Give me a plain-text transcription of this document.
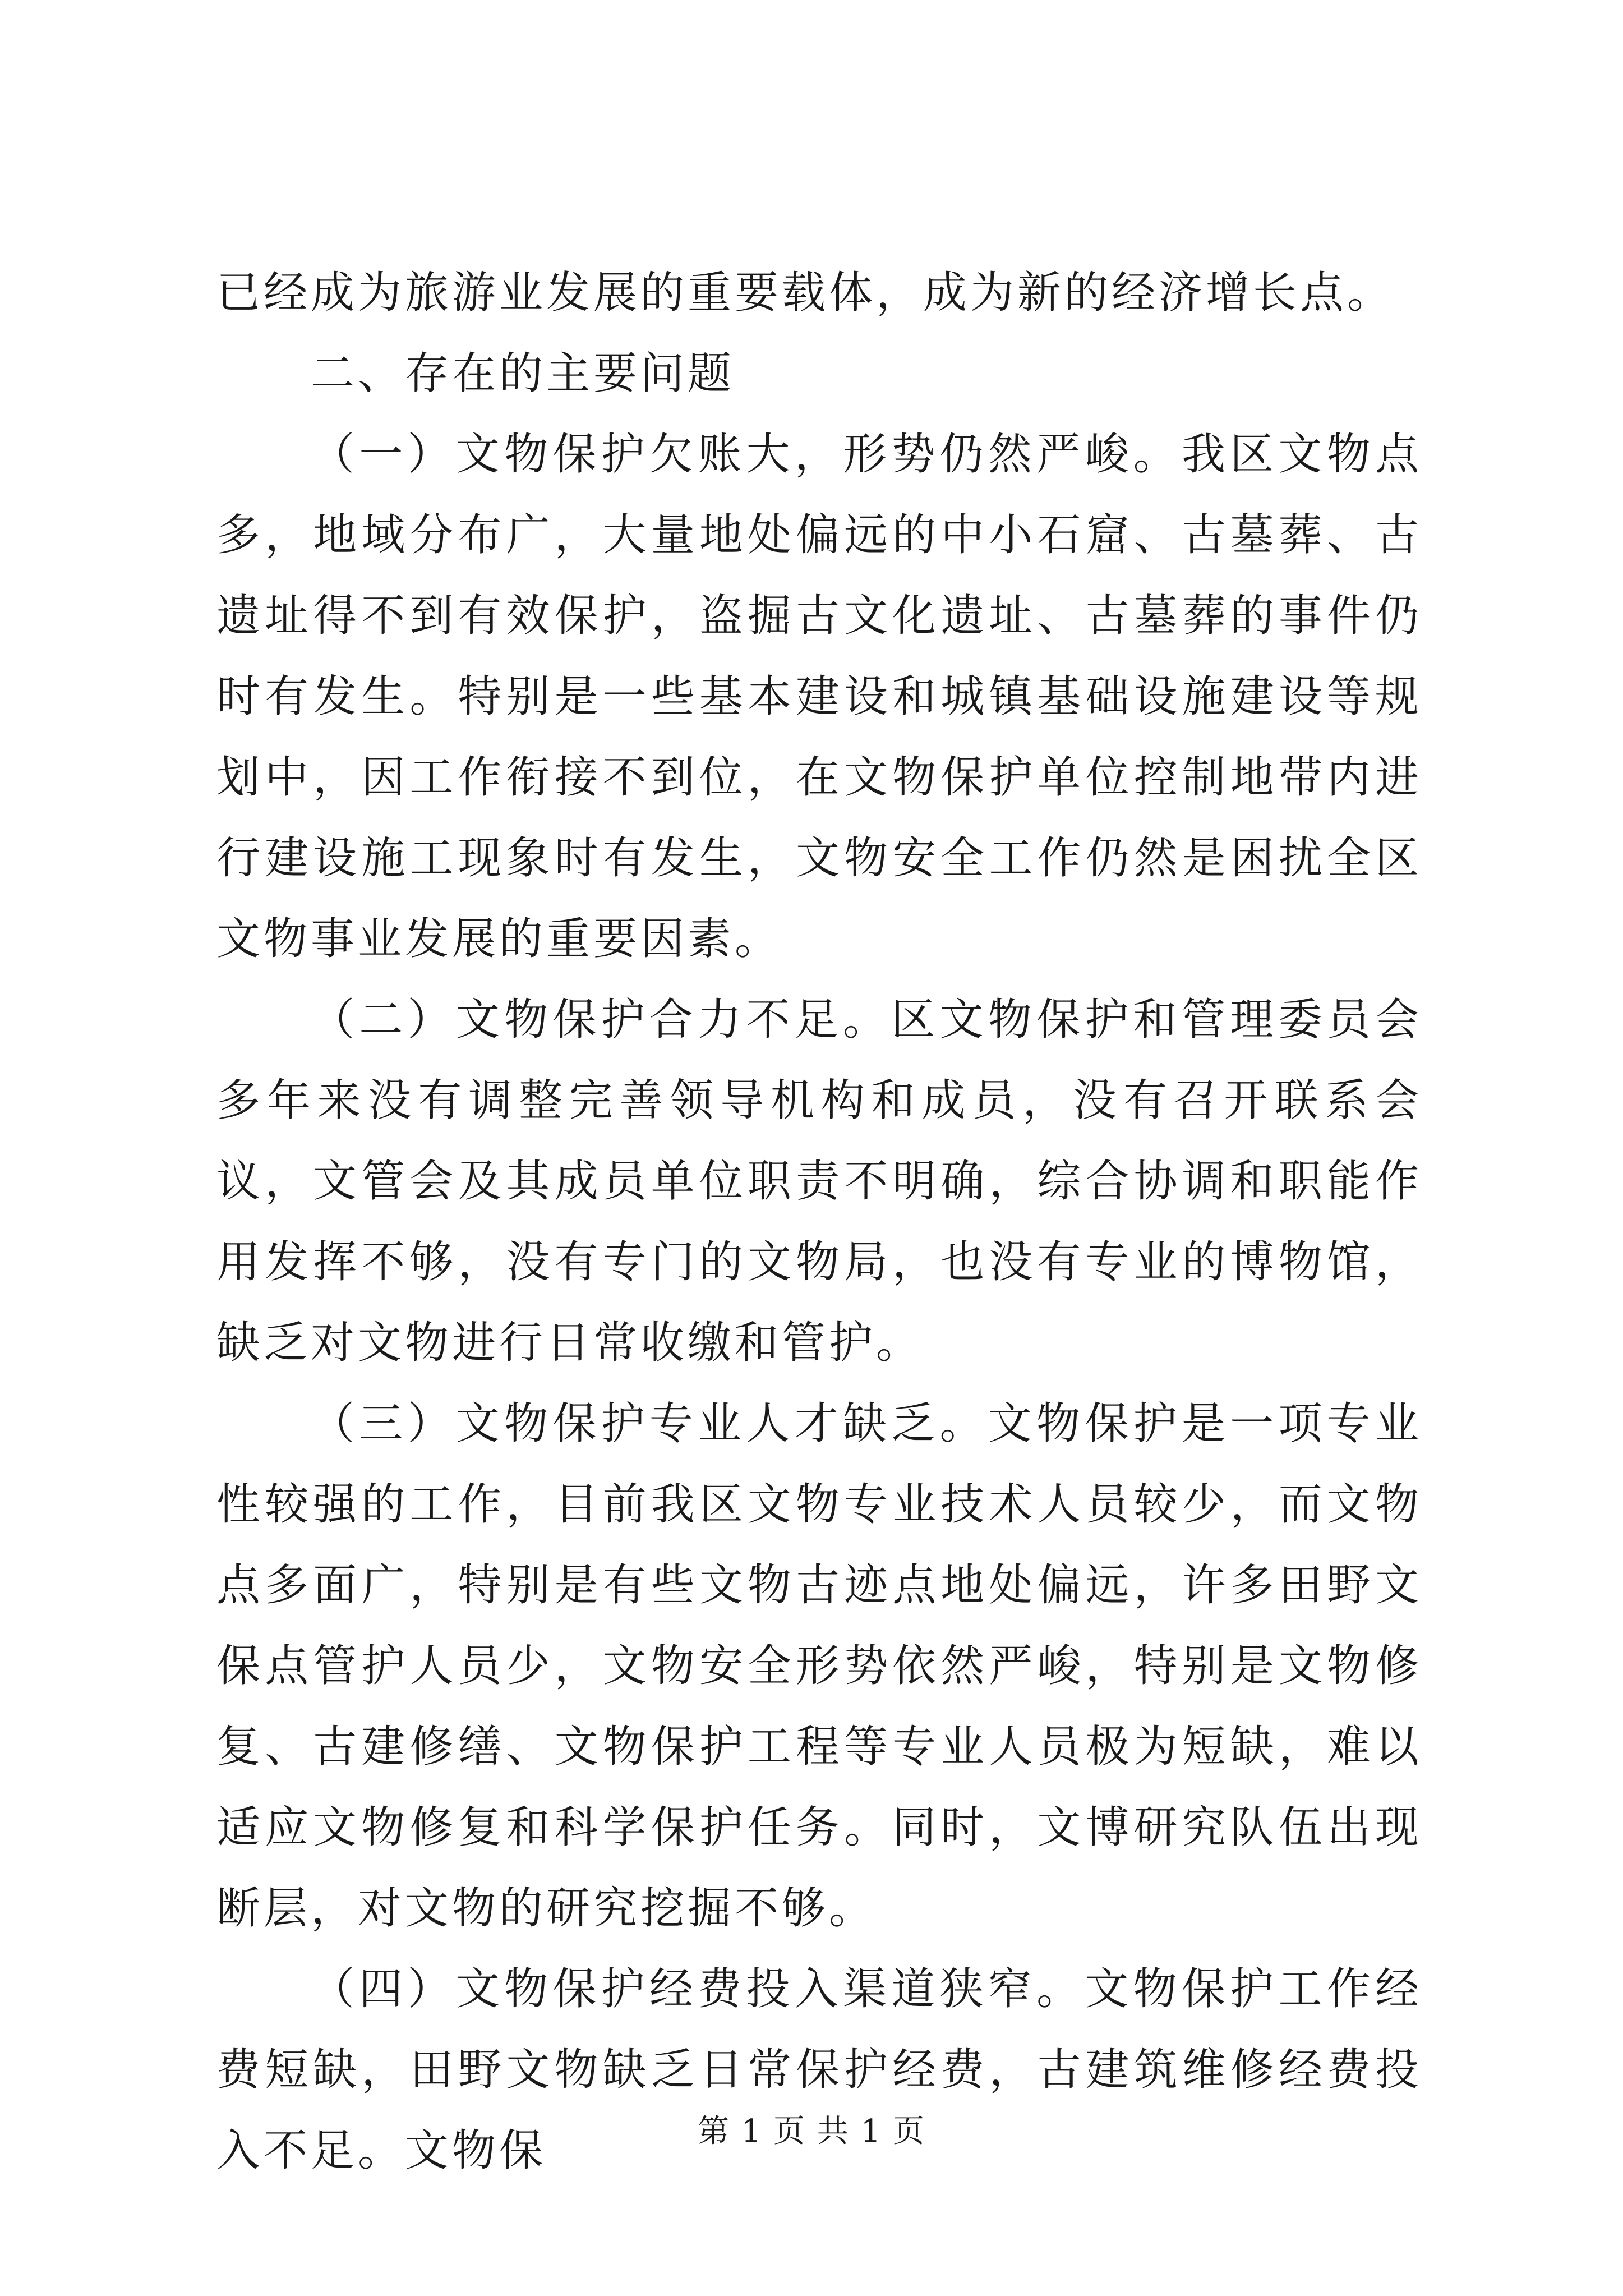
已经成为旅游业发展的重要载体，成为新的经济增长点。

二、存在的主要问题

（一）文物保护欠账大，形势仍然严峻。我区文物点多，地域分布广，大量地处偏远的中小石窟、古墓葬、古遗址得不到有效保护，盗掘古文化遗址、古墓葬的事件仍时有发生。特别是一些基本建设和城镇基础设施建设等规划中，因工作衔接不到位，在文物保护单位控制地带内进行建设施工现象时有发生，文物安全工作仍然是困扰全区文物事业发展的重要因素。

（二）文物保护合力不足。区文物保护和管理委员会多年来没有调整完善领导机构和成员，没有召开联系会议，文管会及其成员单位职责不明确，综合协调和职能作用发挥不够，没有专门的文物局，也没有专业的博物馆，缺乏对文物进行日常收缴和管护。

（三）文物保护专业人才缺乏。文物保护是一项专业性较强的工作，目前我区文物专业技术人员较少，而文物点多面广，特别是有些文物古迹点地处偏远，许多田野文保点管护人员少，文物安全形势依然严峻，特别是文物修复、古建修缮、文物保护工程等专业人员极为短缺，难以适应文物修复和科学保护任务。同时，文博研究队伍出现断层，对文物的研究挖掘不够。

（四）文物保护经费投入渠道狭窄。文物保护工作经费短缺，田野文物缺乏日常保护经费，古建筑维修经费投入不足。文物保	第 1 页 共 1 页
